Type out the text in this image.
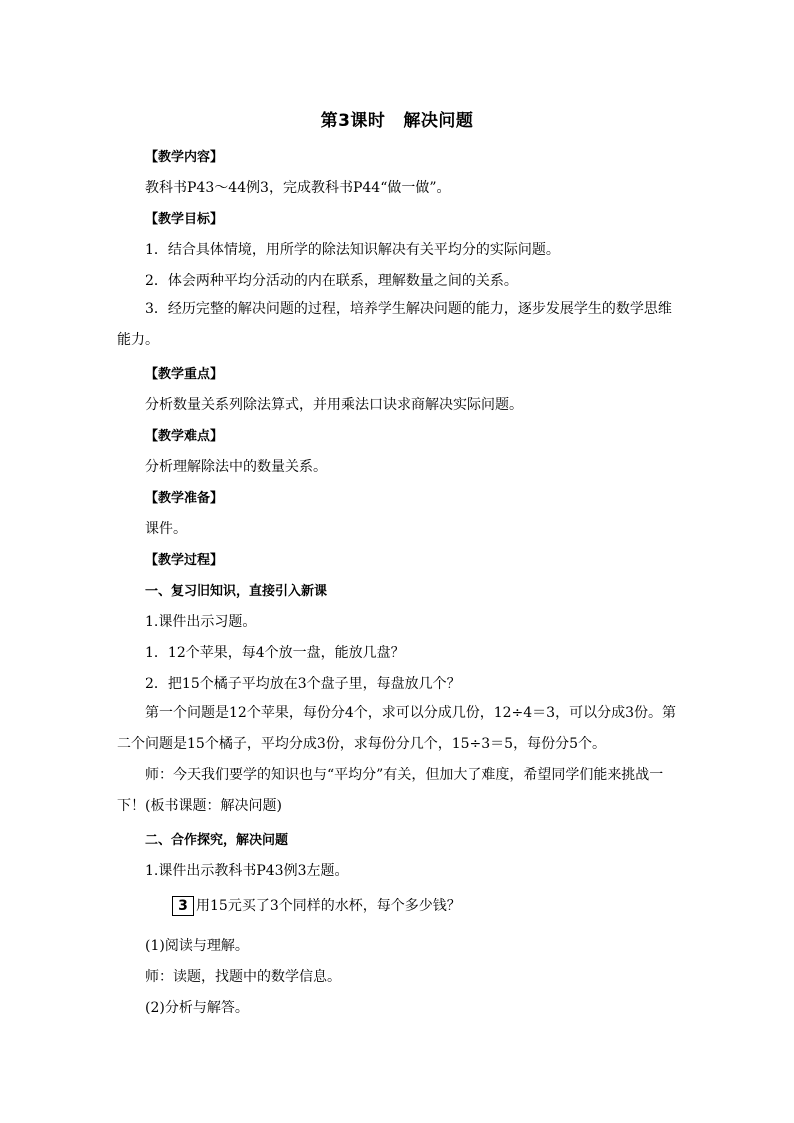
第3课时 解决问题
【教学内容】
教科书P43～44例3，完成教科书P44“做一做”。
【教学目标】
1．结合具体情境，用所学的除法知识解决有关平均分的实际问题。
2．体会两种平均分活动的内在联系，理解数量之间的关系。
3．经历完整的解决问题的过程，培养学生解决问题的能力，逐步发展学生的数学思维能力。
【教学重点】
分析数量关系列除法算式，并用乘法口诀求商解决实际问题。
【教学难点】
分析理解除法中的数量关系。
【教学准备】
课件。
【教学过程】
一、复习旧知识，直接引入新课
1.课件出示习题。
1．12个苹果，每4个放一盘，能放几盘？
2．把15个橘子平均放在3个盘子里，每盘放几个？
第一个问题是12个苹果，每份分4个，求可以分成几份，12÷4＝3，可以分成3份。第二个问题是15个橘子，平均分成3份，求每份分几个，15÷3＝5，每份分5个。
师：今天我们要学的知识也与“平均分”有关，但加大了难度，希望同学们能来挑战一下！(板书课题：解决问题)
二、合作探究，解决问题
1.课件出示教科书P43例3左题。
3 用15元买了3个同样的水杯，每个多少钱？
(1)阅读与理解。
师：读题，找题中的数学信息。
(2)分析与解答。
